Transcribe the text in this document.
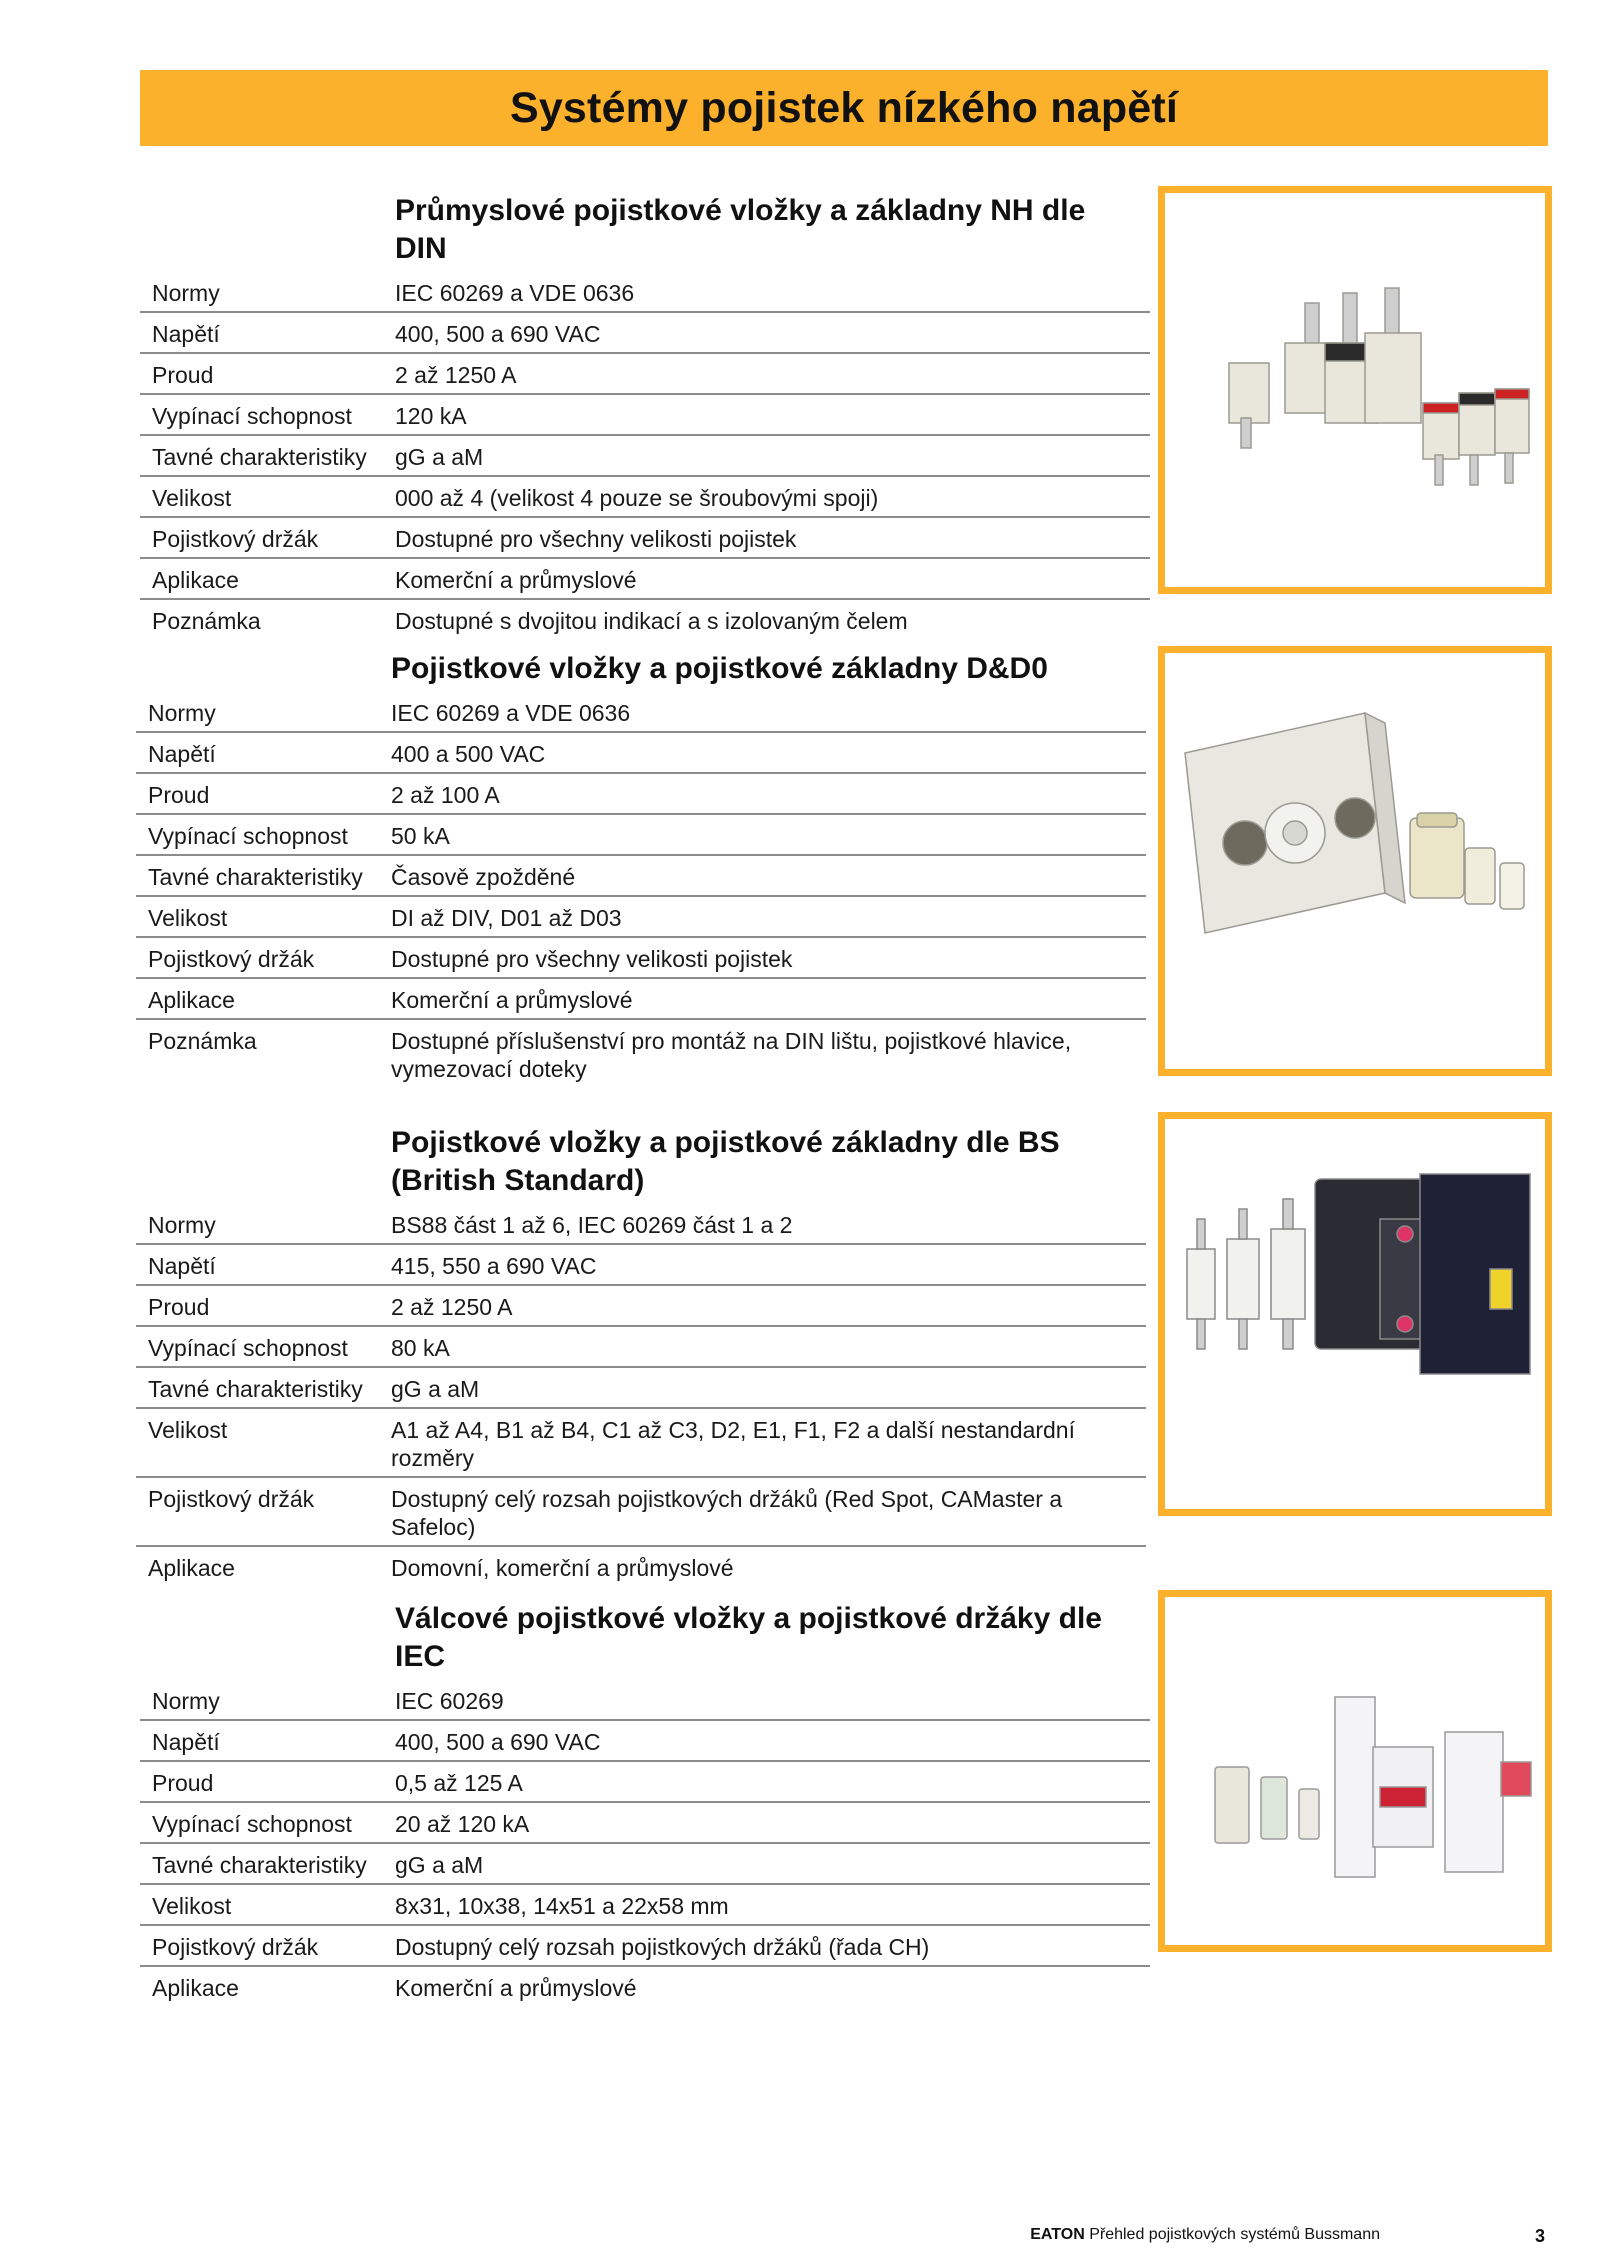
Systémy pojistek nízkého napětí
Průmyslové pojistkové vložky a základny NH dle DIN
Normy	IEC 60269 a VDE 0636
Napětí	400, 500 a 690 VAC
Proud	2 až 1250 A
Vypínací schopnost	120 kA
Tavné charakteristiky	gG a aM
Velikost	000 až 4 (velikost 4 pouze se šroubovými spoji)
Pojistkový držák	Dostupné pro všechny velikosti pojistek
Aplikace	Komerční a průmyslové
Poznámka	Dostupné s dvojitou indikací a s izolovaným čelem
Pojistkové vložky a pojistkové základny D&D0
Normy	IEC 60269 a VDE 0636
Napětí	400 a 500 VAC
Proud	2 až 100 A
Vypínací schopnost	50 kA
Tavné charakteristiky	Časově zpožděné
Velikost	DI až DIV, D01 až D03
Pojistkový držák	Dostupné pro všechny velikosti pojistek
Aplikace	Komerční a průmyslové
Poznámka	Dostupné příslušenství pro montáž na DIN lištu, pojistkové hlavice, vymezovací doteky
Pojistkové vložky a pojistkové základny dle BS (British Standard)
Normy	BS88 část 1 až 6, IEC 60269 část 1 a 2
Napětí	415, 550 a 690 VAC
Proud	2 až 1250 A
Vypínací schopnost	80 kA
Tavné charakteristiky	gG a aM
Velikost	A1 až A4, B1 až B4, C1 až C3, D2, E1, F1, F2 a další nestandardní rozměry
Pojistkový držák	Dostupný celý rozsah pojistkových držáků (Red Spot, CAMaster a Safeloc)
Aplikace	Domovní, komerční a průmyslové
Válcové pojistkové vložky a pojistkové držáky dle IEC
Normy	IEC 60269
Napětí	400, 500 a 690 VAC
Proud	0,5 až 125 A
Vypínací schopnost	20 až 120 kA
Tavné charakteristiky	gG a aM
Velikost	8x31, 10x38, 14x51 a 22x58 mm
Pojistkový držák	Dostupný celý rozsah pojistkových držáků (řada CH)
Aplikace	Komerční a průmyslové
EATON Přehled pojistkových systémů Bussmann	3
